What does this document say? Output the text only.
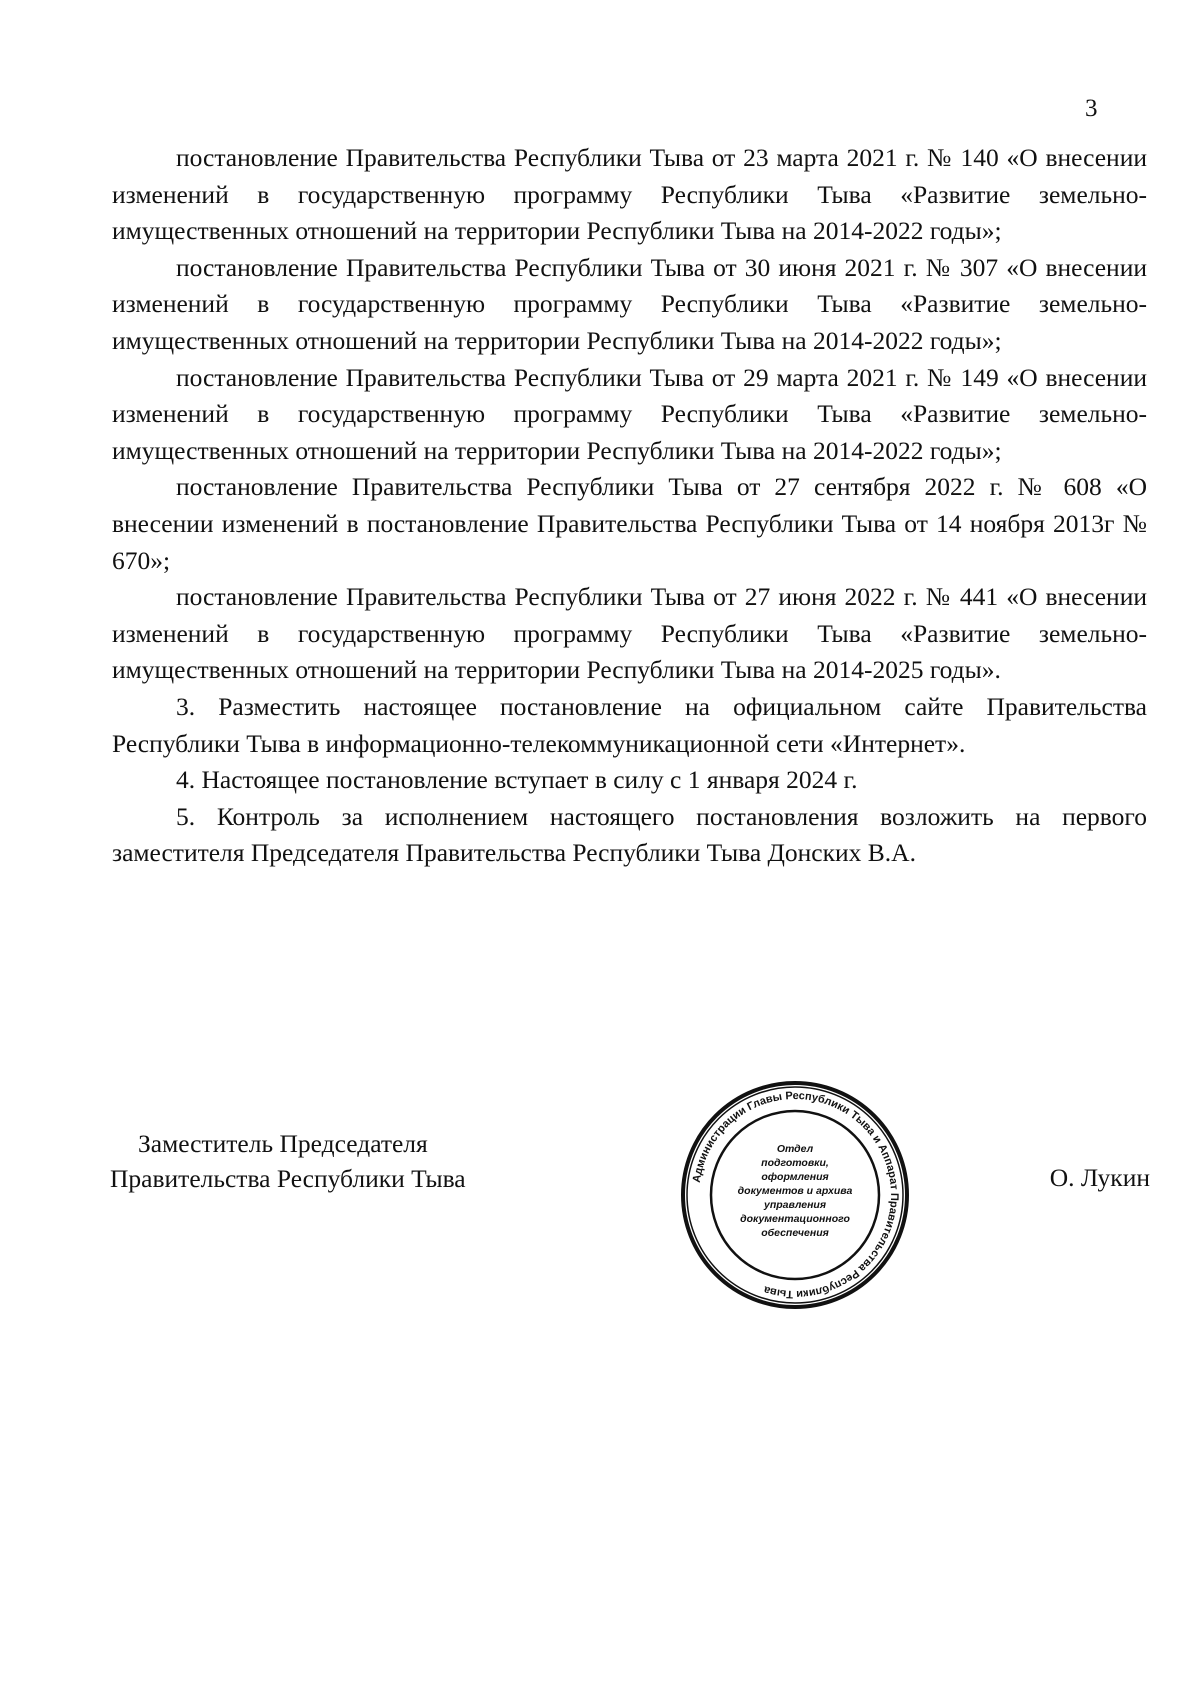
3

постановление Правительства Республики Тыва от 23 марта 2021 г. № 140 «О внесении изменений в государственную программу Республики Тыва «Развитие земельно-имущественных отношений на территории Республики Тыва на 2014-2022 годы»;

постановление Правительства Республики Тыва от 30 июня 2021 г. № 307 «О внесении изменений в государственную программу Республики Тыва «Развитие земельно-имущественных отношений на территории Республики Тыва на 2014-2022 годы»;

постановление Правительства Республики Тыва от 29 марта 2021 г. № 149 «О внесении изменений в государственную программу Республики Тыва «Развитие земельно-имущественных отношений на территории Республики Тыва на 2014-2022 годы»;

постановление Правительства Республики Тыва от 27 сентября 2022 г. № 608 «О внесении изменений в постановление Правительства Республики Тыва от 14 ноября 2013г № 670»;

постановление Правительства Республики Тыва от 27 июня 2022 г. № 441 «О внесении изменений в государственную программу Республики Тыва «Развитие земельно-имущественных отношений на территории Республики Тыва на 2014-2025 годы».

3. Разместить настоящее постановление на официальном сайте Правительства Республики Тыва в информационно-телекоммуникационной сети «Интернет».

4. Настоящее постановление вступает в силу с 1 января 2024 г.

5. Контроль за исполнением настоящего постановления возложить на первого заместителя Председателя Правительства Республики Тыва Донских В.А.

Заместитель Председателя
Правительства Республики Тыва	Администрации Главы Республики Тыва и Аппарат Правительства Республики Тыва
Отдел
подготовки,
оформления
документов и архива
управления
документационного
обеспечения
О. Лукин
